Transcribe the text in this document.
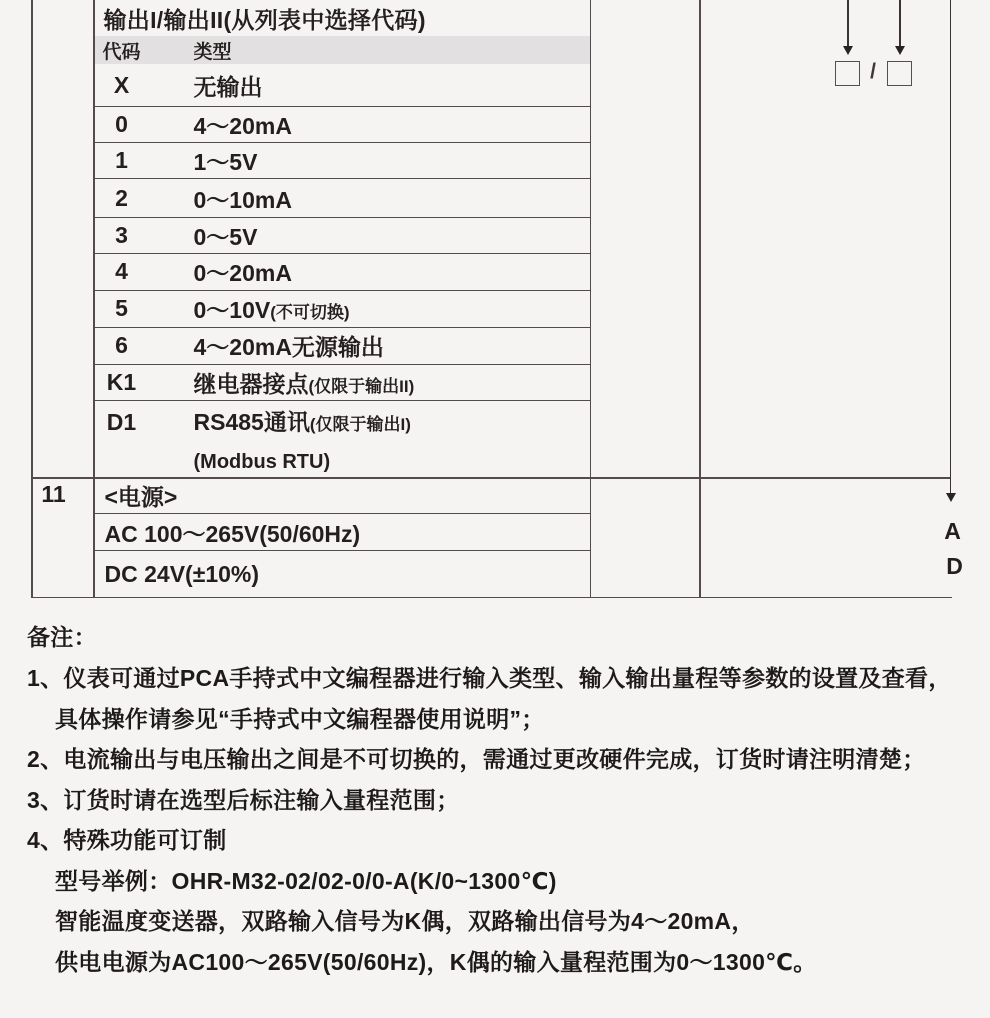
输出I/输出II(从列表中选择代码)
代码	类型
X	无输出
0	4～20mA
1	1～5V
2	0～10mA
3	0～5V
4	0～20mA
5	0～10V(不可切换)
6	4～20mA无源输出
K1	继电器接点(仅限于输出II)
D1	RS485通讯(仅限于输出I)
(Modbus RTU)
<电源>
AC 100～265V(50/60Hz)
DC 24V(±10%)
11
/
A
D
备注：
1、仪表可通过PCA手持式中文编程器进行输入类型、输入输出量程等参数的设置及查看，
具体操作请参见“手持式中文编程器使用说明”；
2、电流输出与电压输出之间是不可切换的，需通过更改硬件完成，订货时请注明清楚；
3、订货时请在选型后标注输入量程范围；
4、特殊功能可订制
型号举例：OHR-M32-02/02-0/0-A(K/0~1300℃)
智能温度变送器，双路输入信号为K偶，双路输出信号为4～20mA，
供电电源为AC100～265V(50/60Hz)，K偶的输入量程范围为0～1300℃。
